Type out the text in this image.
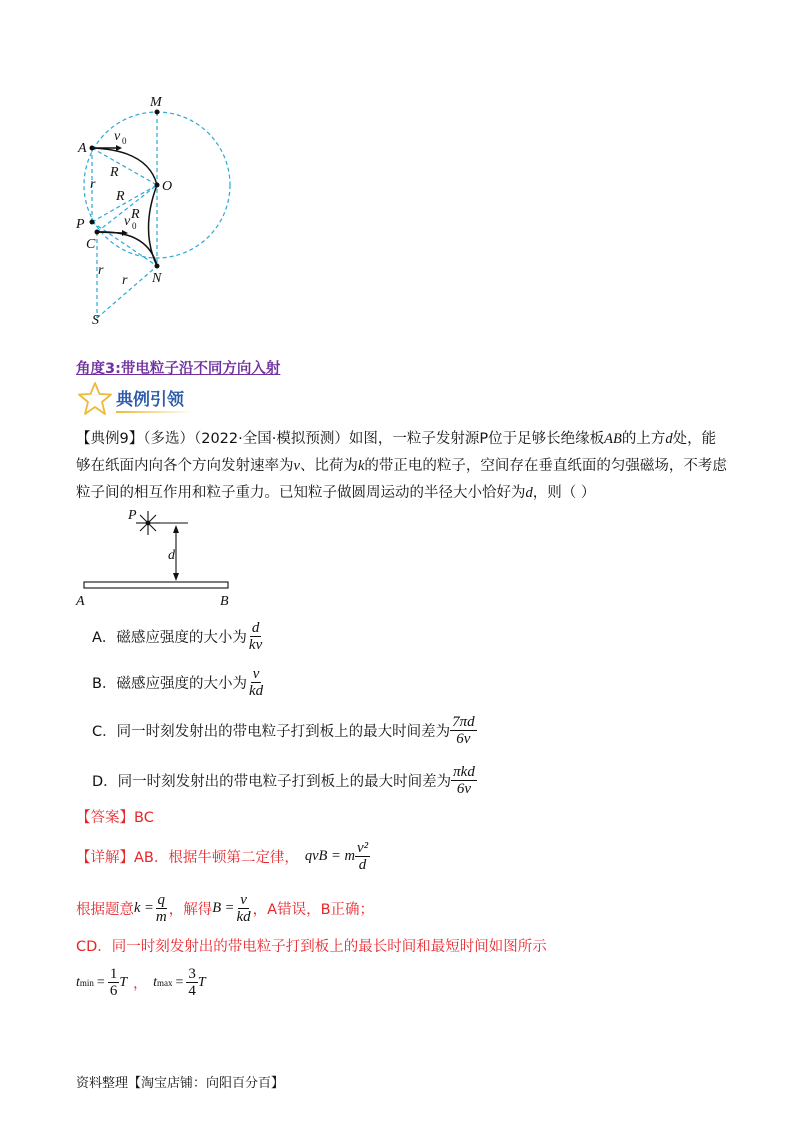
M
A
O
P
C
N
S
R
R
R
r
r
r
v
v
0
0
角度3:带电粒子沿不同方向入射
典例引领
【典例9】（多选）（2022·全国·模拟预测）如图，一粒子发射源P位于足够长绝缘板AB的上方d处，能
够在纸面内向各个方向发射速率为v、比荷为k的带正电的粒子，空间存在垂直纸面的匀强磁场，不考虑
粒子间的相互作用和粒子重力。已知粒子做圆周运动的半径大小恰好为d，则（ ）
P
d
A	B
A．磁感应强度的大小为 $\frac{d}{kv}$
B．磁感应强度的大小为 $\frac{v}{kd}$
C．同一时刻发射出的带电粒子打到板上的最大时间差为 $\frac{7\pi d}{6v}$
D．同一时刻发射出的带电粒子打到板上的最大时间差为 $\frac{\text{πkd}}{6v}$
【答案】BC
【详解】AB．根据牛顿第二定律， qvB = m $\frac{\text{v²}}{d}$
根据题意 $k = \frac{q}{m}$ ，解得 $B = \frac{v}{kd}$ ，A错误，B正确；
CD．同一时刻发射出的带电粒子打到板上的最长时间和最短时间如图所示
t $\min = \frac{1}{6}$ T ， t $\max = \frac{3}{4}$ T
资料整理【淘宝店铺：向阳百分百】
